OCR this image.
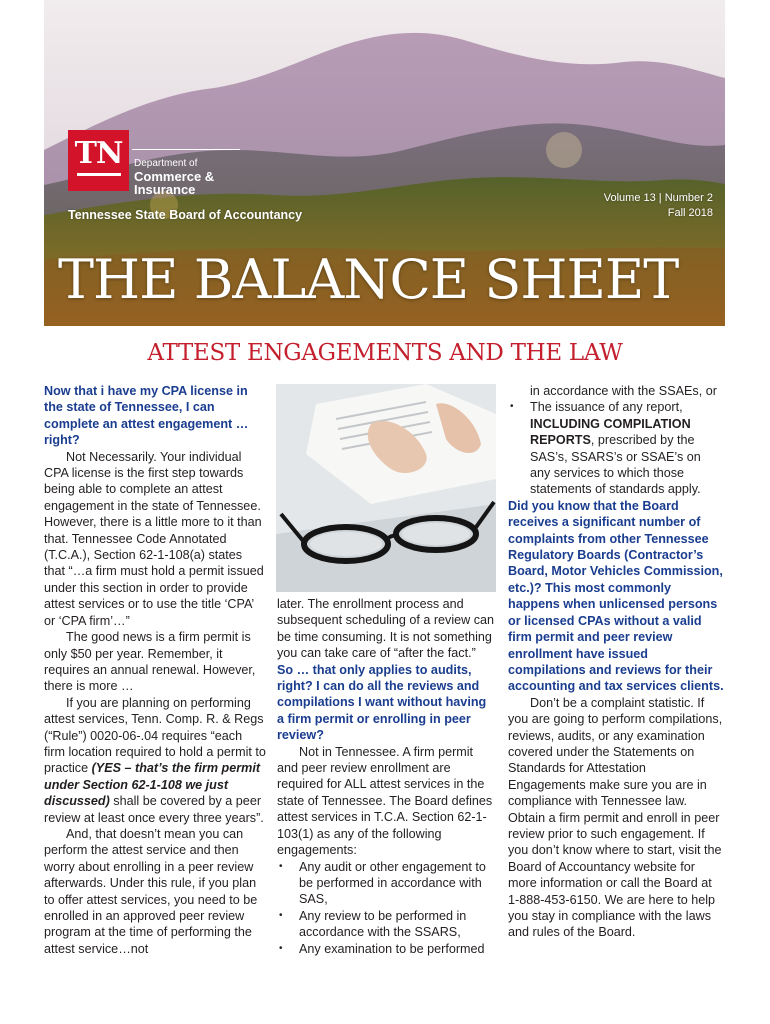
TN Department of
Commerce &
Insurance
Tennessee State Board of Accountancy
Volume 13 | Number 2
Fall 2018
THE BALANCE SHEET
ATTEST ENGAGEMENTS AND THE LAW

Now that i have my CPA license in the state of Tennessee, I can complete an attest engagement … right?

Not Necessarily. Your individual CPA license is the first step towards being able to complete an attest engagement in the state of Tennessee. However, there is a little more to it than that. Tennessee Code Annotated (T.C.A.), Section 62-1-108(a) states that “…a firm must hold a permit issued under this section in order to provide attest services or to use the title ‘CPA’ or ‘CPA firm’…”

The good news is a firm permit is only $50 per year. Remember, it requires an annual renewal. However, there is more …

If you are planning on performing attest services, Tenn. Comp. R. & Regs (“Rule”) 0020-06-.04 requires “each firm location required to hold a permit to practice (YES – that’s the firm permit under Section 62-1-108 we just discussed) shall be covered by a peer review at least once every three years”.

And, that doesn’t mean you can perform the attest service and then worry about enrolling in a peer review afterwards. Under this rule, if you plan to offer attest services, you need to be enrolled in an approved peer review program at the time of performing the attest service…not

later. The enrollment process and subsequent scheduling of a review can be time consuming. It is not something you can take care of “after the fact.”

So … that only applies to audits, right? I can do all the reviews and compilations I want without having a firm permit or enrolling in peer review?

Not in Tennessee. A firm permit and peer review enrollment are required for ALL attest services in the state of Tennessee. The Board defines attest services in T.C.A. Section 62-1-103(1) as any of the following engagements:

• Any audit or other engagement to be performed in accordance with SAS,
• Any review to be performed in accordance with the SSARS,
• Any examination to be performed

in accordance with the SSAEs, or

• The issuance of any report, INCLUDING COMPILATION REPORTS, prescribed by the SAS’s, SSARS’s or SSAE’s on any services to which those statements of standards apply.

Did you know that the Board receives a significant number of complaints from other Tennessee Regulatory Boards (Contractor’s Board, Motor Vehicles Commission, etc.)? This most commonly happens when unlicensed persons or licensed CPAs without a valid firm permit and peer review enrollment have issued compilations and reviews for their accounting and tax services clients.

Don’t be a complaint statistic. If you are going to perform compilations, reviews, audits, or any examination covered under the Statements on Standards for Attestation Engagements make sure you are in compliance with Tennessee law. Obtain a firm permit and enroll in peer review prior to such engagement. If you don’t know where to start, visit the Board of Accountancy website for more information or call the Board at 1-888-453-6150. We are here to help you stay in compliance with the laws and rules of the Board.
